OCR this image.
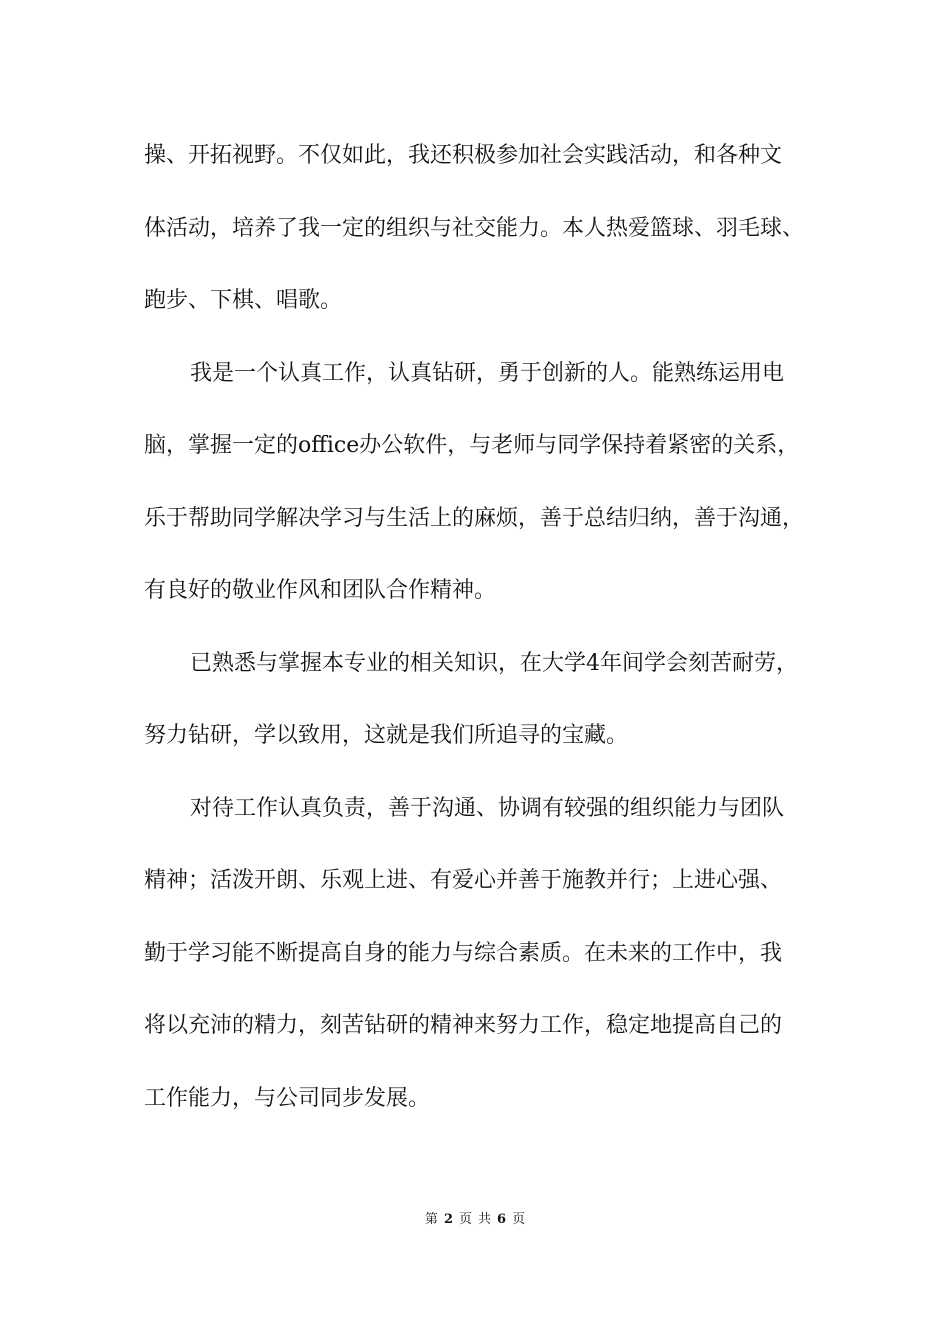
操、开拓视野。不仅如此，我还积极参加社会实践活动，和各种文
体活动，培养了我一定的组织与社交能力。本人热爱篮球、羽毛球、
跑步、下棋、唱歌。
我是一个认真工作，认真钻研，勇于创新的人。能熟练运用电
脑，掌握一定的office办公软件，与老师与同学保持着紧密的关系，
乐于帮助同学解决学习与生活上的麻烦，善于总结归纳，善于沟通，
有良好的敬业作风和团队合作精神。
已熟悉与掌握本专业的相关知识，在大学4年间学会刻苦耐劳，
努力钻研，学以致用，这就是我们所追寻的宝藏。
对待工作认真负责，善于沟通、协调有较强的组织能力与团队
精神；活泼开朗、乐观上进、有爱心并善于施教并行；上进心强、
勤于学习能不断提高自身的能力与综合素质。在未来的工作中，我
将以充沛的精力，刻苦钻研的精神来努力工作，稳定地提高自己的
工作能力，与公司同步发展。
第 2 页 共 6 页
